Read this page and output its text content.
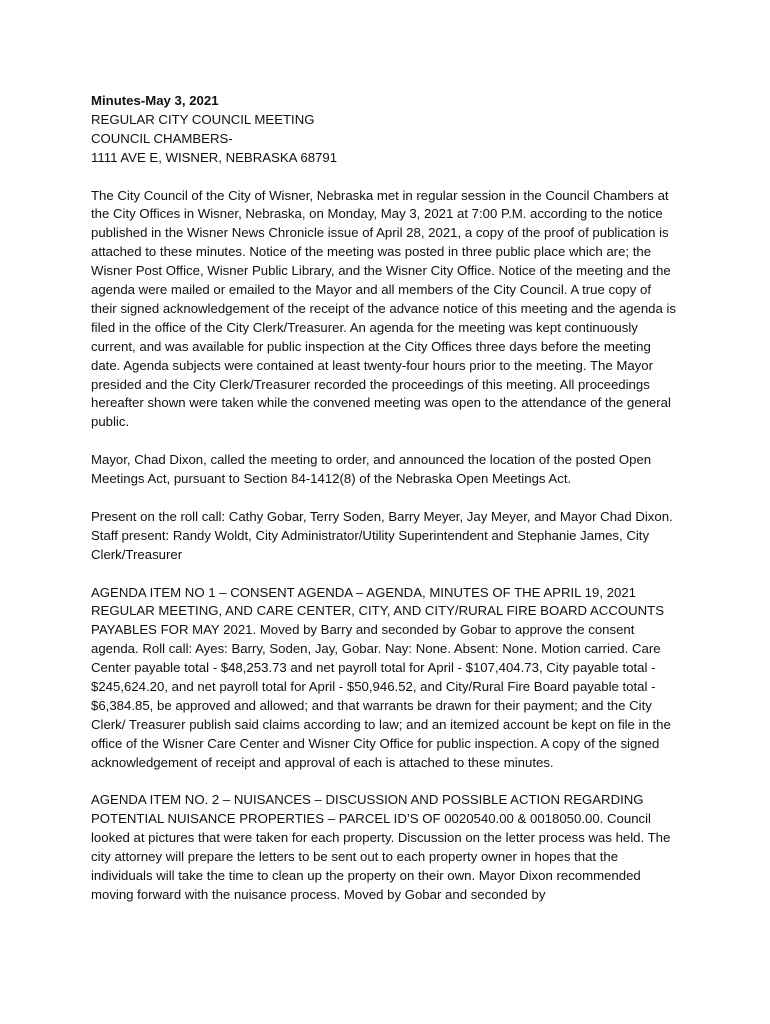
Minutes-May 3, 2021
REGULAR CITY COUNCIL MEETING
COUNCIL CHAMBERS-
1111 AVE E, WISNER, NEBRASKA 68791

The City Council of the City of Wisner, Nebraska met in regular session in the Council Chambers at the City Offices in Wisner, Nebraska, on Monday, May 3, 2021 at 7:00 P.M. according to the notice published in the Wisner News Chronicle issue of April 28, 2021, a copy of the proof of publication is attached to these minutes. Notice of the meeting was posted in three public place which are; the Wisner Post Office, Wisner Public Library, and the Wisner City Office. Notice of the meeting and the agenda were mailed or emailed to the Mayor and all members of the City Council. A true copy of their signed acknowledgement of the receipt of the advance notice of this meeting and the agenda is filed in the office of the City Clerk/Treasurer. An agenda for the meeting was kept continuously current, and was available for public inspection at the City Offices three days before the meeting date. Agenda subjects were contained at least twenty-four hours prior to the meeting. The Mayor presided and the City Clerk/Treasurer recorded the proceedings of this meeting. All proceedings hereafter shown were taken while the convened meeting was open to the attendance of the general public.

Mayor, Chad Dixon, called the meeting to order, and announced the location of the posted Open Meetings Act, pursuant to Section 84-1412(8) of the Nebraska Open Meetings Act.

Present on the roll call: Cathy Gobar, Terry Soden, Barry Meyer, Jay Meyer, and Mayor Chad Dixon. Staff present: Randy Woldt, City Administrator/Utility Superintendent and Stephanie James, City Clerk/Treasurer

AGENDA ITEM NO 1 – CONSENT AGENDA – AGENDA, MINUTES OF THE APRIL 19, 2021 REGULAR MEETING, AND CARE CENTER, CITY, AND CITY/RURAL FIRE BOARD ACCOUNTS PAYABLES FOR MAY 2021. Moved by Barry and seconded by Gobar to approve the consent agenda. Roll call: Ayes: Barry, Soden, Jay, Gobar. Nay: None. Absent: None. Motion carried. Care Center payable total - $48,253.73 and net payroll total for April - $107,404.73, City payable total - $245,624.20, and net payroll total for April - $50,946.52, and City/Rural Fire Board payable total - $6,384.85, be approved and allowed; and that warrants be drawn for their payment; and the City Clerk/ Treasurer publish said claims according to law; and an itemized account be kept on file in the office of the Wisner Care Center and Wisner City Office for public inspection. A copy of the signed acknowledgement of receipt and approval of each is attached to these minutes.

AGENDA ITEM NO. 2 – NUISANCES – DISCUSSION AND POSSIBLE ACTION REGARDING POTENTIAL NUISANCE PROPERTIES – PARCEL ID’S OF 0020540.00 & 0018050.00. Council looked at pictures that were taken for each property. Discussion on the letter process was held. The city attorney will prepare the letters to be sent out to each property owner in hopes that the individuals will take the time to clean up the property on their own. Mayor Dixon recommended moving forward with the nuisance process. Moved by Gobar and seconded by
